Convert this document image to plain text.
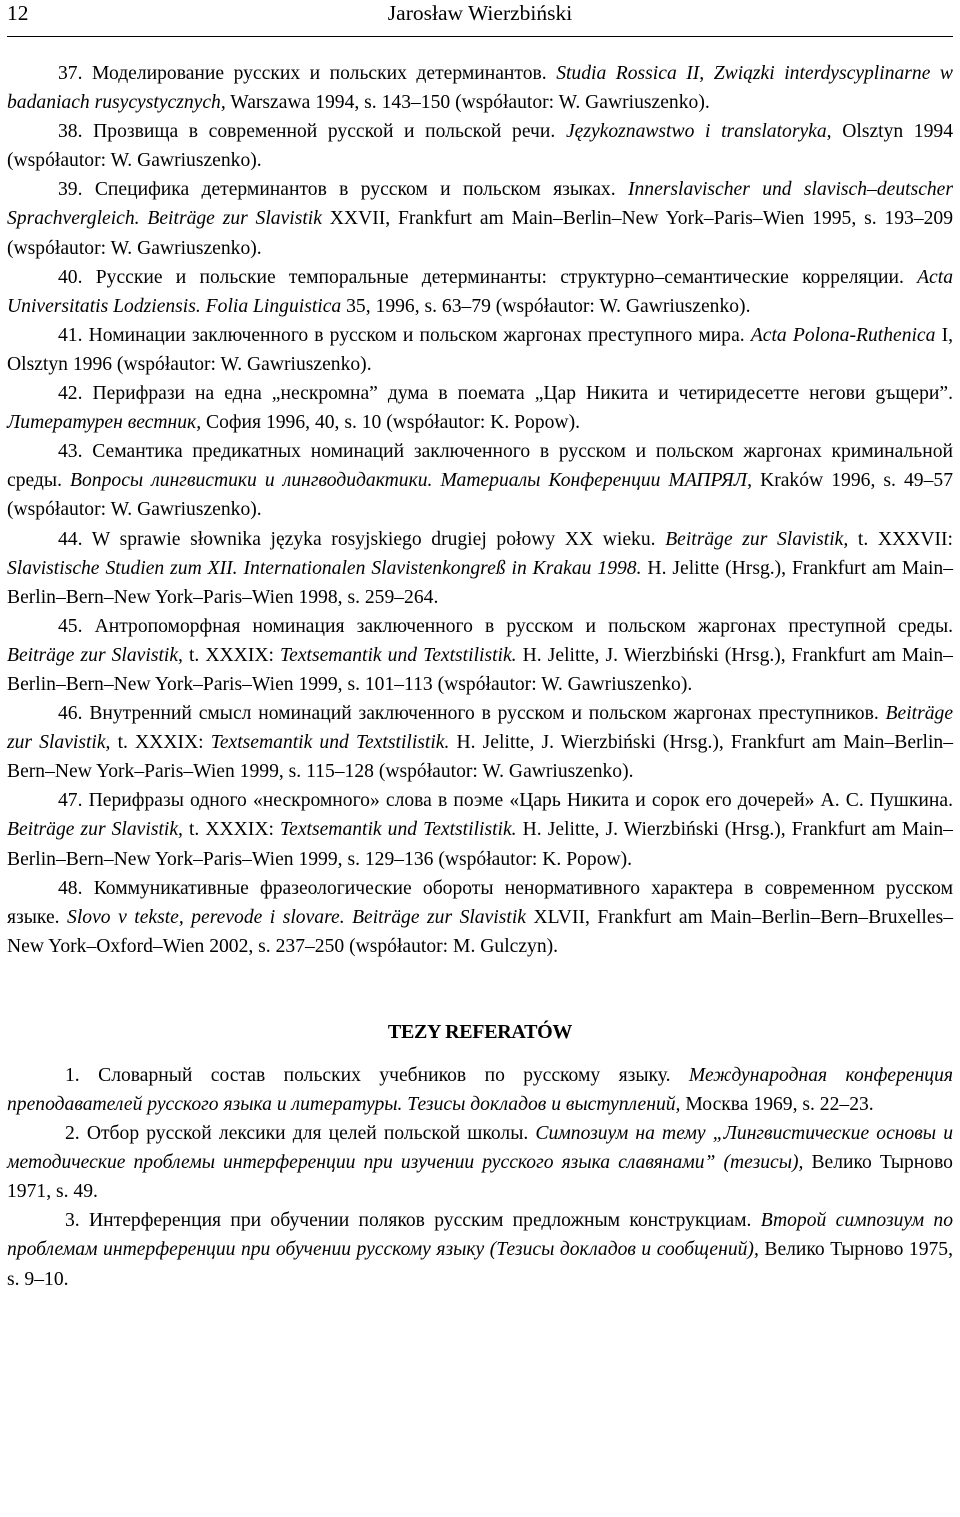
12	Jarosław Wierzbiński

37. Моделирование русских и польских детерминантов. Studia Rossica II, Związki interdyscyplinarne w badaniach rusycystycznych, Warszawa 1994, s. 143–150 (współautor: W. Gawriuszenko).

38. Прозвища в современной русской и польской речи. Językoznawstwo i translatoryka, Olsztyn 1994 (współautor: W. Gawriuszenko).

39. Специфика детерминантов в русском и польском языках. Innerslavischer und slavisch–deutscher Sprachvergleich. Beiträge zur Slavistik XXVII, Frankfurt am Main–Berlin–New York–Paris–Wien 1995, s. 193–209 (współautor: W. Gawriuszenko).

40. Русские и польские темпоральные детерминанты: структурно–семантические корреляции. Acta Universitatis Lodziensis. Folia Linguistica 35, 1996, s. 63–79 (współautor: W. Gawriuszenko).

41. Номинации заключенного в русском и польском жаргонах преступного мира. Acta Polona-Ruthenica I, Olsztyn 1996 (współautor: W. Gawriuszenko).

42. Перифрази на една „нескромна” дума в поемата „Цар Никита и четиридесетте негови gъщери”. Литературен вестник, София 1996, 40, s. 10 (współautor: K. Popow).

43. Семантика предикатных номинаций заключенного в русском и польском жаргонах криминальной среды. Вопросы лингвистики и лингводидактики. Материалы Конференции МАПРЯЛ, Kraków 1996, s. 49–57 (współautor: W. Gawriuszenko).

44. W sprawie słownika języka rosyjskiego drugiej połowy XX wieku. Beiträge zur Slavistik, t. XXXVII: Slavistische Studien zum XII. Internationalen Slavistenkongreß in Krakau 1998. H. Jelitte (Hrsg.), Frankfurt am Main–Berlin–Bern–New York–Paris–Wien 1998, s. 259–264.

45. Антропоморфная номинация заключенного в русском и польском жаргонах преступной среды. Beiträge zur Slavistik, t. XXXIX: Textsemantik und Textstilistik. H. Jelitte, J. Wierzbiński (Hrsg.), Frankfurt am Main–Berlin–Bern–New York–Paris–Wien 1999, s. 101–113 (współautor: W. Gawriuszenko).

46. Внутренний смысл номинаций заключенного в русском и польском жаргонах преступников. Beiträge zur Slavistik, t. XXXIX: Textsemantik und Textstilistik. H. Jelitte, J. Wierzbiński (Hrsg.), Frankfurt am Main–Berlin–Bern–New York–Paris–Wien 1999, s. 115–128 (współautor: W. Gawriuszenko).

47. Перифразы одного «нескромного» слова в поэме «Царь Никита и сорок его дочерей» А. С. Пушкина. Beiträge zur Slavistik, t. XXXIX: Textsemantik und Textstilistik. H. Jelitte, J. Wierzbiński (Hrsg.), Frankfurt am Main–Berlin–Bern–New York–Paris–Wien 1999, s. 129–136 (współautor: K. Popow).

48. Коммуникативные фразеологические обороты ненормативного характера в современном русском языке. Slovo v tekste, perevode i slovare. Beiträge zur Slavistik XLVII, Frankfurt am Main–Berlin–Bern–Bruxelles–New York–Oxford–Wien 2002, s. 237–250 (współautor: M. Gulczyn).

TEZY REFERATÓW

1. Словарный состав польских учебников по русскому языку. Международная конференция преподавателей русского языка и литературы. Тезисы докладов и выступлений, Москва 1969, s. 22–23.

2. Отбор русской лексики для целей польской школы. Симпозиум на тему „Лингвистические основы и методические проблемы интерференции при изучении русского языка славянами” (тезисы), Велико Тырново 1971, s. 49.

3. Интерференция при обучении поляков русским предложным конструкциам. Второй симпозиум по проблемам интерференции при обучении русскому языку (Тезисы докладов и сообщений), Велико Тырново 1975, s. 9–10.
